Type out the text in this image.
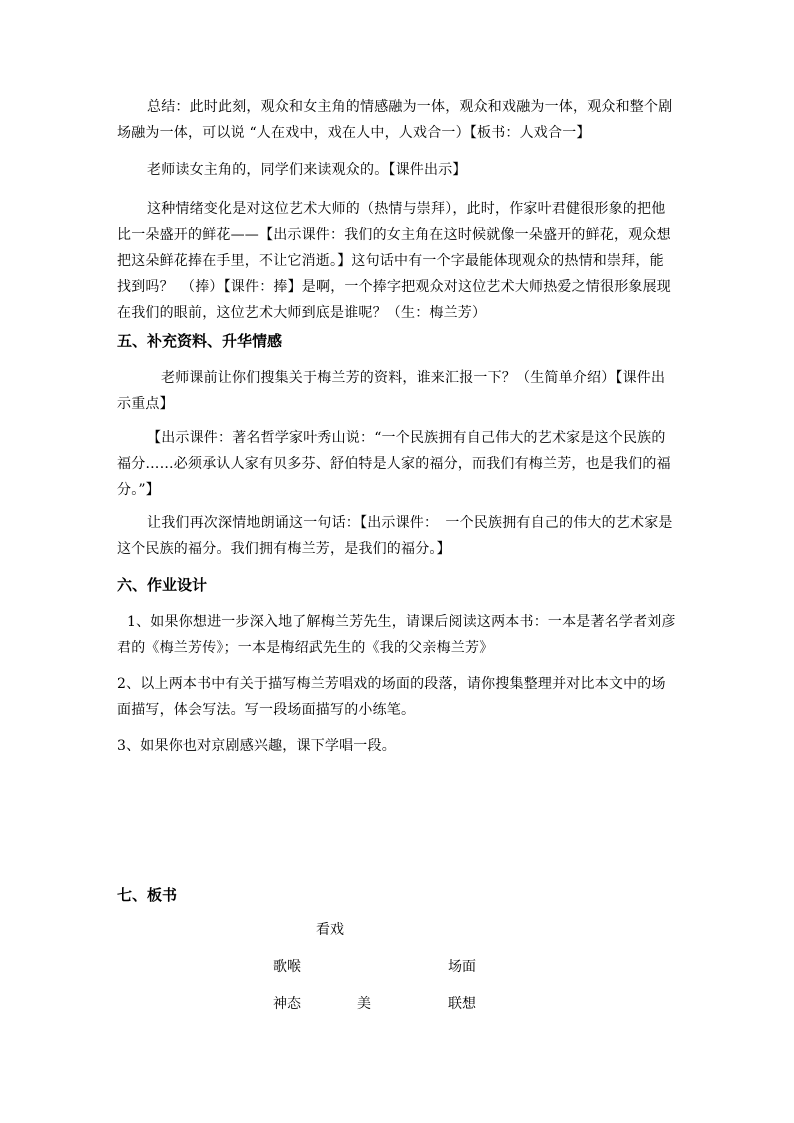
总结：此时此刻，观众和女主角的情感融为一体，观众和戏融为一体，观众和整个剧场融为一体，可以说 “人在戏中，戏在人中，人戏合一）【板书：人戏合一】
老师读女主角的，同学们来读观众的。【课件出示】
这种情绪变化是对这位艺术大师的（热情与崇拜），此时，作家叶君健很形象的把他比一朵盛开的鲜花——【出示课件：我们的女主角在这时候就像一朵盛开的鲜花，观众想把这朵鲜花捧在手里，不让它消逝。】这句话中有一个字最能体现观众的热情和崇拜，能找到吗？　（捧）【课件：捧】是啊，一个捧字把观众对这位艺术大师热爱之情很形象展现在我们的眼前，这位艺术大师到底是谁呢？（生：梅兰芳）
五、补充资料、升华情感
老师课前让你们搜集关于梅兰芳的资料，谁来汇报一下？（生简单介绍）【课件出示重点】
【出示课件：著名哲学家叶秀山说：“一个民族拥有自己伟大的艺术家是这个民族的福分……必须承认人家有贝多芬、舒伯特是人家的福分，而我们有梅兰芳，也是我们的福分。”】
让我们再次深情地朗诵这一句话：【出示课件：　一个民族拥有自己的伟大的艺术家是这个民族的福分。我们拥有梅兰芳，是我们的福分。】
六、作业设计
1、如果你想进一步深入地了解梅兰芳先生，请课后阅读这两本书：一本是著名学者刘彦君的《梅兰芳传》；一本是梅绍武先生的《我的父亲梅兰芳》
2、以上两本书中有关于描写梅兰芳唱戏的场面的段落，请你搜集整理并对比本文中的场面描写，体会写法。写一段场面描写的小练笔。
3、如果你也对京剧感兴趣，课下学唱一段。
七、板书
看戏
歌喉	场面
神态	美	联想
